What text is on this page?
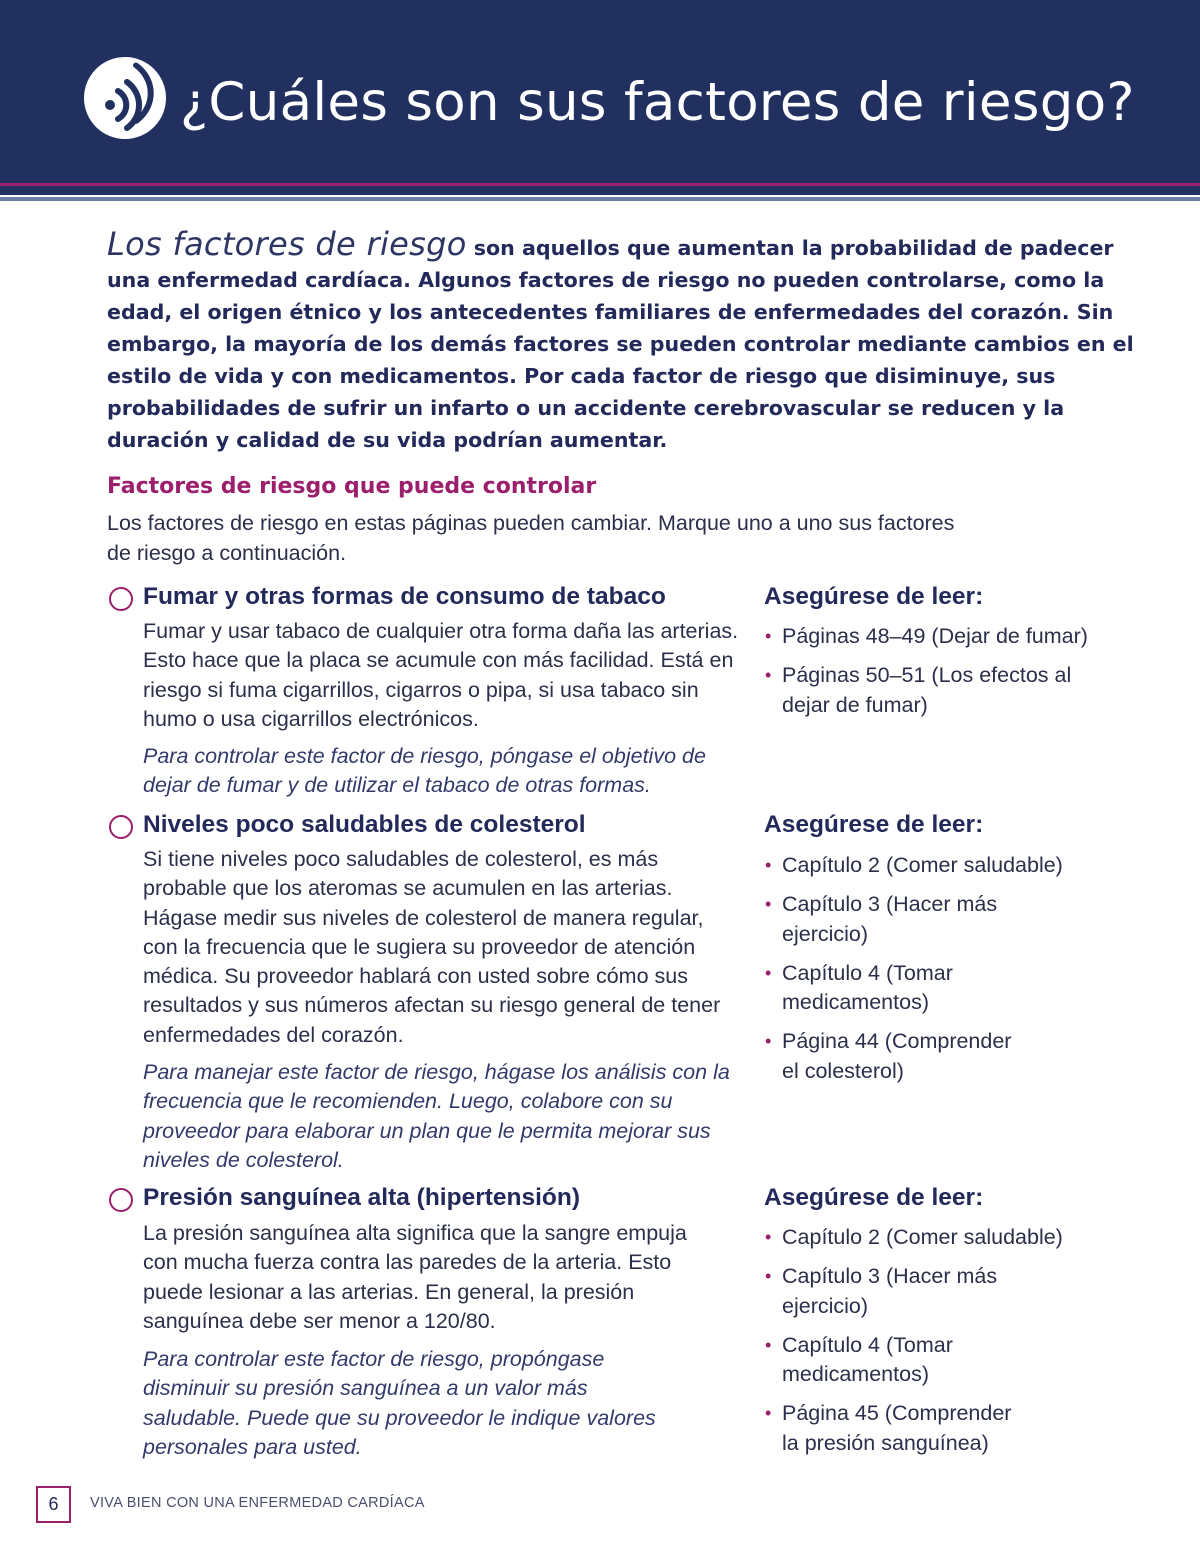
¿Cuáles son sus factores de riesgo?

Los factores de riesgo son aquellos que aumentan la probabilidad de padecer una enfermedad cardíaca. Algunos factores de riesgo no pueden controlarse, como la edad, el origen étnico y los antecedentes familiares de enfermedades del corazón. Sin embargo, la mayoría de los demás factores se pueden controlar mediante cambios en el estilo de vida y con medicamentos. Por cada factor de riesgo que disiminuye, sus probabilidades de sufrir un infarto o un accidente cerebrovascular se reducen y la duración y calidad de su vida podrían aumentar.

Factores de riesgo que puede controlar

Los factores de riesgo en estas páginas pueden cambiar. Marque uno a uno sus factores de riesgo a continuación.

Fumar y otras formas de consumo de tabaco

Fumar y usar tabaco de cualquier otra forma daña las arterias. Esto hace que la placa se acumule con más facilidad. Está en riesgo si fuma cigarrillos, cigarros o pipa, si usa tabaco sin humo o usa cigarrillos electrónicos.

Para controlar este factor de riesgo, póngase el objetivo de dejar de fumar y de utilizar el tabaco de otras formas.

Asegúrese de leer:
• Páginas 48–49 (Dejar de fumar)
• Páginas 50–51 (Los efectos al dejar de fumar)
Niveles poco saludables de colesterol

Si tiene niveles poco saludables de colesterol, es más probable que los ateromas se acumulen en las arterias. Hágase medir sus niveles de colesterol de manera regular, con la frecuencia que le sugiera su proveedor de atención médica. Su proveedor hablará con usted sobre cómo sus resultados y sus números afectan su riesgo general de tener enfermedades del corazón.

Para manejar este factor de riesgo, hágase los análisis con la frecuencia que le recomienden. Luego, colabore con su proveedor para elaborar un plan que le permita mejorar sus niveles de colesterol.

Asegúrese de leer:
• Capítulo 2 (Comer saludable)
• Capítulo 3 (Hacer más ejercicio)
• Capítulo 4 (Tomar medicamentos)
• Página 44 (Comprender el colesterol)
Presión sanguínea alta (hipertensión)

La presión sanguínea alta significa que la sangre empuja con mucha fuerza contra las paredes de la arteria. Esto puede lesionar a las arterias. En general, la presión sanguínea debe ser menor a 120/80.

Para controlar este factor de riesgo, propóngase disminuir su presión sanguínea a un valor más saludable. Puede que su proveedor le indique valores personales para usted.

Asegúrese de leer:
• Capítulo 2 (Comer saludable)
• Capítulo 3 (Hacer más ejercicio)
• Capítulo 4 (Tomar medicamentos)
• Página 45 (Comprender la presión sanguínea)
6	VIVA BIEN CON UNA ENFERMEDAD CARDÍACA
